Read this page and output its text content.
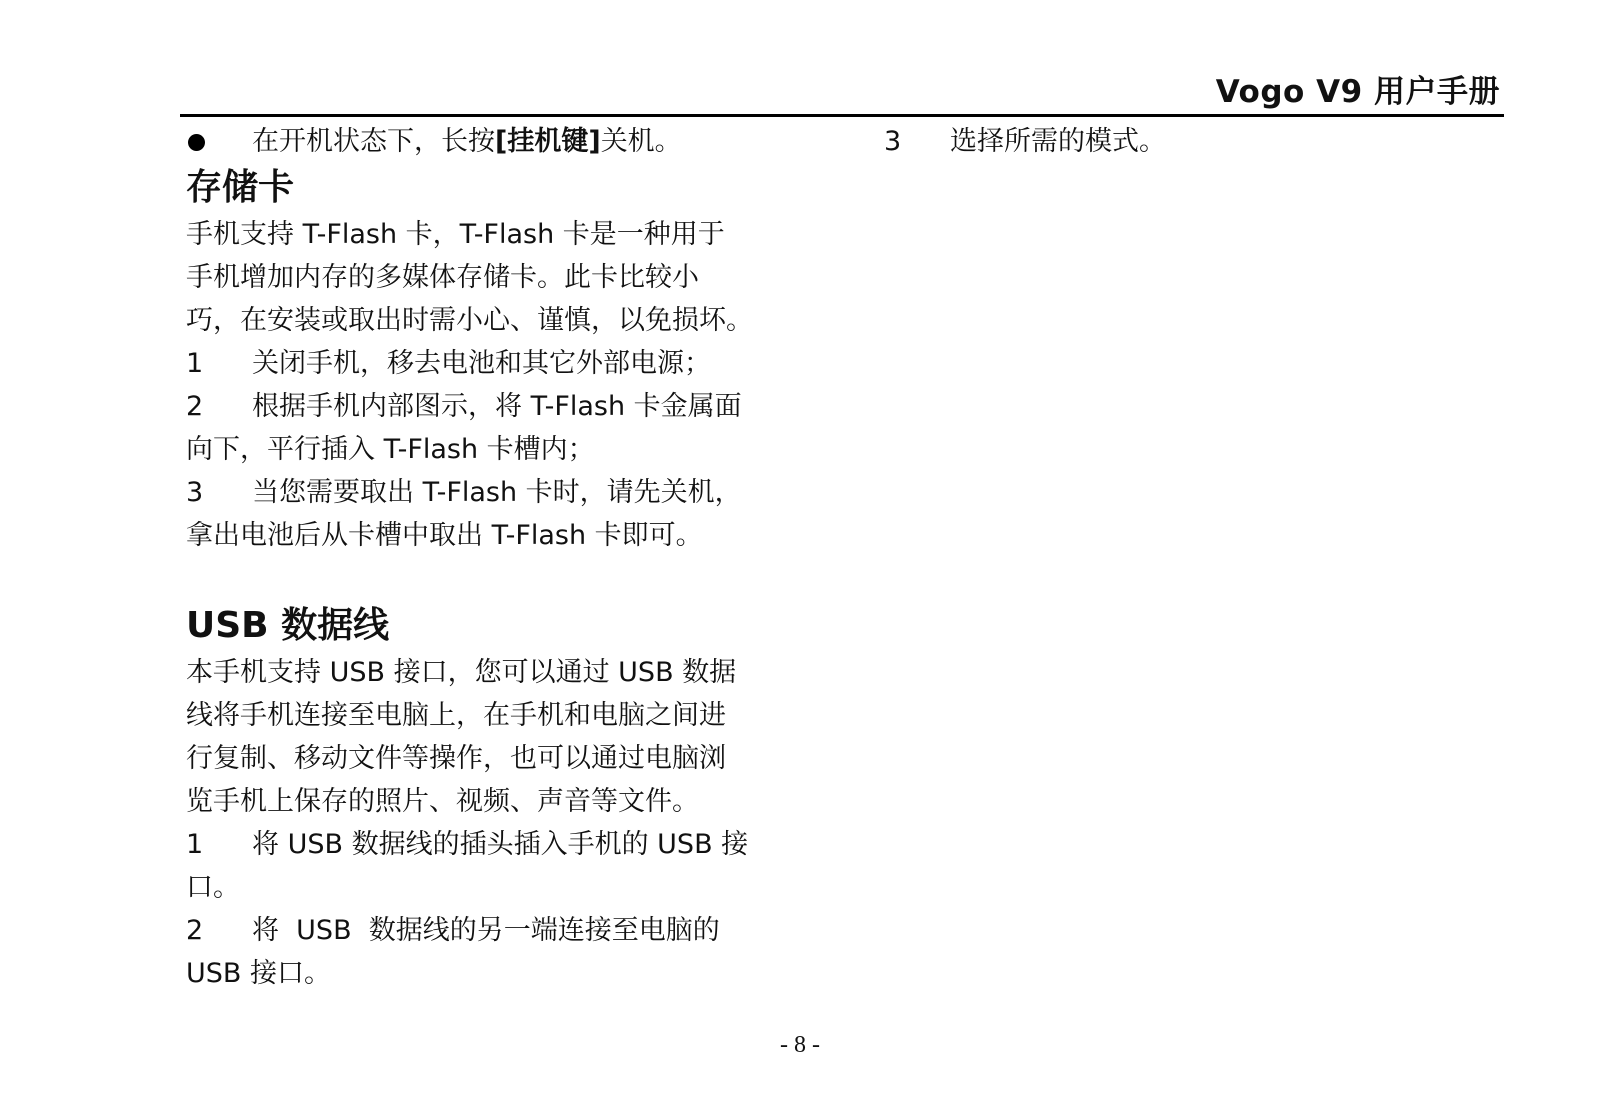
Vogo V9 用户手册
在开机状态下，长按[挂机键]关机。
存储卡
手机支持 T-Flash 卡，T-Flash 卡是一种用于
手机增加内存的多媒体存储卡。此卡比较小
巧，在安装或取出时需小心、谨慎，以免损坏。
1 关闭手机，移去电池和其它外部电源；
2 根据手机内部图示，将 T-Flash 卡金属面
向下，平行插入 T-Flash 卡槽内；
3 当您需要取出 T-Flash 卡时，请先关机，
拿出电池后从卡槽中取出 T-Flash 卡即可。
USB 数据线
本手机支持 USB 接口，您可以通过 USB 数据
线将手机连接至电脑上，在手机和电脑之间进
行复制、移动文件等操作，也可以通过电脑浏
览手机上保存的照片、视频、声音等文件。
1 将 USB 数据线的插头插入手机的 USB 接
口。
2 将  USB  数据线的另一端连接至电脑的
USB 接口。
3 选择所需的模式。
- 8 -
